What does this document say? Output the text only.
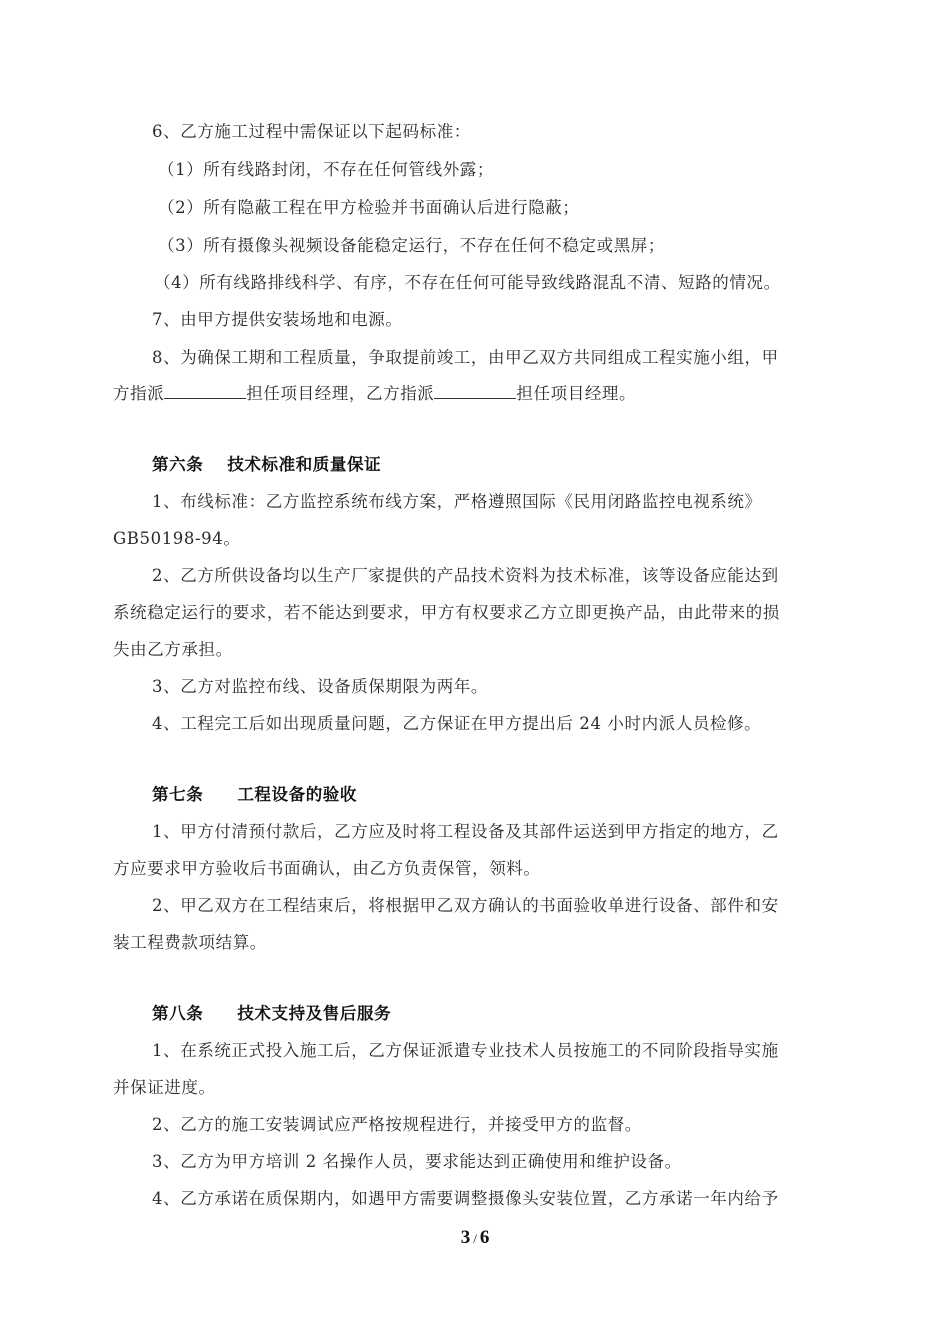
6、乙方施工过程中需保证以下起码标准：
（1）所有线路封闭，不存在任何管线外露；
（2）所有隐蔽工程在甲方检验并书面确认后进行隐蔽；
（3）所有摄像头视频设备能稳定运行，不存在任何不稳定或黑屏；
（4）所有线路排线科学、有序，不存在任何可能导致线路混乱不清、短路的情况。
7、由甲方提供安装场地和电源。
8、为确保工期和工程质量，争取提前竣工，由甲乙双方共同组成工程实施小组，甲
方指派	担任项目经理，乙方指派	担任项目经理。
第六条 技术标准和质量保证
1、布线标准：乙方监控系统布线方案，严格遵照国际《民用闭路监控电视系统》
GB50198-94。
2、乙方所供设备均以生产厂家提供的产品技术资料为技术标准，该等设备应能达到
系统稳定运行的要求，若不能达到要求，甲方有权要求乙方立即更换产品，由此带来的损
失由乙方承担。
3、乙方对监控布线、设备质保期限为两年。
4、工程完工后如出现质量问题，乙方保证在甲方提出后 24 小时内派人员检修。
第七条 工程设备的验收
1、甲方付清预付款后，乙方应及时将工程设备及其部件运送到甲方指定的地方，乙
方应要求甲方验收后书面确认，由乙方负责保管，领料。
2、甲乙双方在工程结束后，将根据甲乙双方确认的书面验收单进行设备、部件和安
装工程费款项结算。
第八条 技术支持及售后服务
1、在系统正式投入施工后，乙方保证派遣专业技术人员按施工的不同阶段指导实施
并保证进度。
2、乙方的施工安装调试应严格按规程进行，并接受甲方的监督。
3、乙方为甲方培训 2 名操作人员，要求能达到正确使用和维护设备。
4、乙方承诺在质保期内，如遇甲方需要调整摄像头安装位置，乙方承诺一年内给予
3 / 6
